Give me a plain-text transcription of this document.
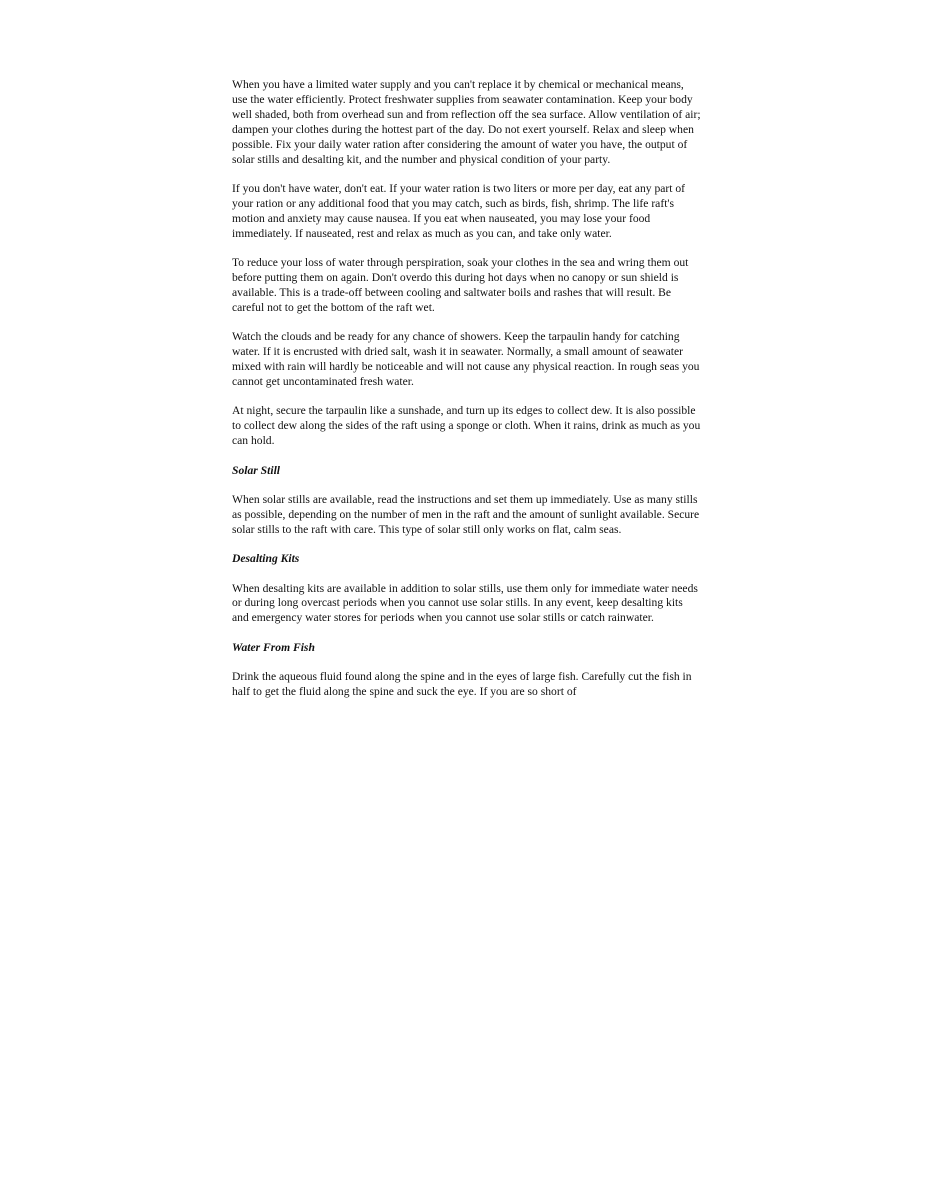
When you have a limited water supply and you can't replace it by chemical or mechanical means, use the water efficiently. Protect freshwater supplies from seawater contamination. Keep your body well shaded, both from overhead sun and from reflection off the sea surface. Allow ventilation of air; dampen your clothes during the hottest part of the day. Do not exert yourself. Relax and sleep when possible. Fix your daily water ration after considering the amount of water you have, the output of solar stills and desalting kit, and the number and physical condition of your party.

If you don't have water, don't eat. If your water ration is two liters or more per day, eat any part of your ration or any additional food that you may catch, such as birds, fish, shrimp. The life raft's motion and anxiety may cause nausea. If you eat when nauseated, you may lose your food immediately. If nauseated, rest and relax as much as you can, and take only water.

To reduce your loss of water through perspiration, soak your clothes in the sea and wring them out before putting them on again. Don't overdo this during hot days when no canopy or sun shield is available. This is a trade-off between cooling and saltwater boils and rashes that will result. Be careful not to get the bottom of the raft wet.

Watch the clouds and be ready for any chance of showers. Keep the tarpaulin handy for catching water. If it is encrusted with dried salt, wash it in seawater. Normally, a small amount of seawater mixed with rain will hardly be noticeable and will not cause any physical reaction. In rough seas you cannot get uncontaminated fresh water.

At night, secure the tarpaulin like a sunshade, and turn up its edges to collect dew. It is also possible to collect dew along the sides of the raft using a sponge or cloth. When it rains, drink as much as you can hold.

Solar Still

When solar stills are available, read the instructions and set them up immediately. Use as many stills as possible, depending on the number of men in the raft and the amount of sunlight available. Secure solar stills to the raft with care. This type of solar still only works on flat, calm seas.

Desalting Kits

When desalting kits are available in addition to solar stills, use them only for immediate water needs or during long overcast periods when you cannot use solar stills. In any event, keep desalting kits and emergency water stores for periods when you cannot use solar stills or catch rainwater.

Water From Fish

Drink the aqueous fluid found along the spine and in the eyes of large fish. Carefully cut the fish in half to get the fluid along the spine and suck the eye. If you are so short of
